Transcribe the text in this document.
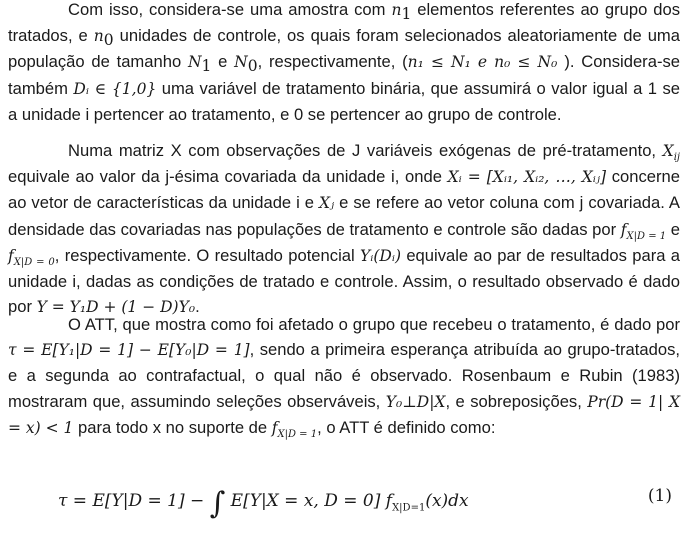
Com isso, considera-se uma amostra com $n_1$ elementos referentes ao grupo dos tratados, e $n_0$ unidades de controle, os quais foram selecionados aleatoriamente de uma população de tamanho $N_1$ e $N_0$, respectivamente, (n₁ ≤ N₁ e n₀ ≤ N₀ ). Considera-se também Dᵢ ∈ {1,0} uma variável de tratamento binária, que assumirá o valor igual a 1 se a unidade i pertencer ao tratamento, e 0 se pertencer ao grupo de controle.

Numa matriz X com observações de J variáveis exógenas de pré-tratamento, $X_{ij}$ equivale ao valor da j-ésima covariada da unidade i, onde Xᵢ = [Xᵢ₁, Xᵢ₂, …, Xᵢⱼ] concerne ao vetor de características da unidade i e Xⱼ e se refere ao vetor coluna com j covariada. A densidade das covariadas nas populações de tratamento e controle são dadas por $f_{X|D = 1}$ e $f_{X|D = 0}$, respectivamente. O resultado potencial Yᵢ(Dᵢ) equivale ao par de resultados para a unidade i, dadas as condições de tratado e controle. Assim, o resultado observado é dado por Y = Y₁D + (1 − D)Y₀.

O ATT, que mostra como foi afetado o grupo que recebeu o tratamento, é dado por τ = E[Y₁|D = 1] − E[Y₀|D = 1], sendo a primeira esperança atribuída ao grupo-tratados, e a segunda ao contrafactual, o qual não é observado. Rosenbaum e Rubin (1983) mostraram que, assumindo seleções observáveis, Y₀⊥D|X, e sobreposições, Pr(D = 1| X = x) < 1 para todo x no suporte de $f_{X|D = 1}$, o ATT é definido como:

τ = E[Y|D = 1] − ∫ E[Y|X = x, D = 0] $f_{X|D=1}(x)dx$	(1)
